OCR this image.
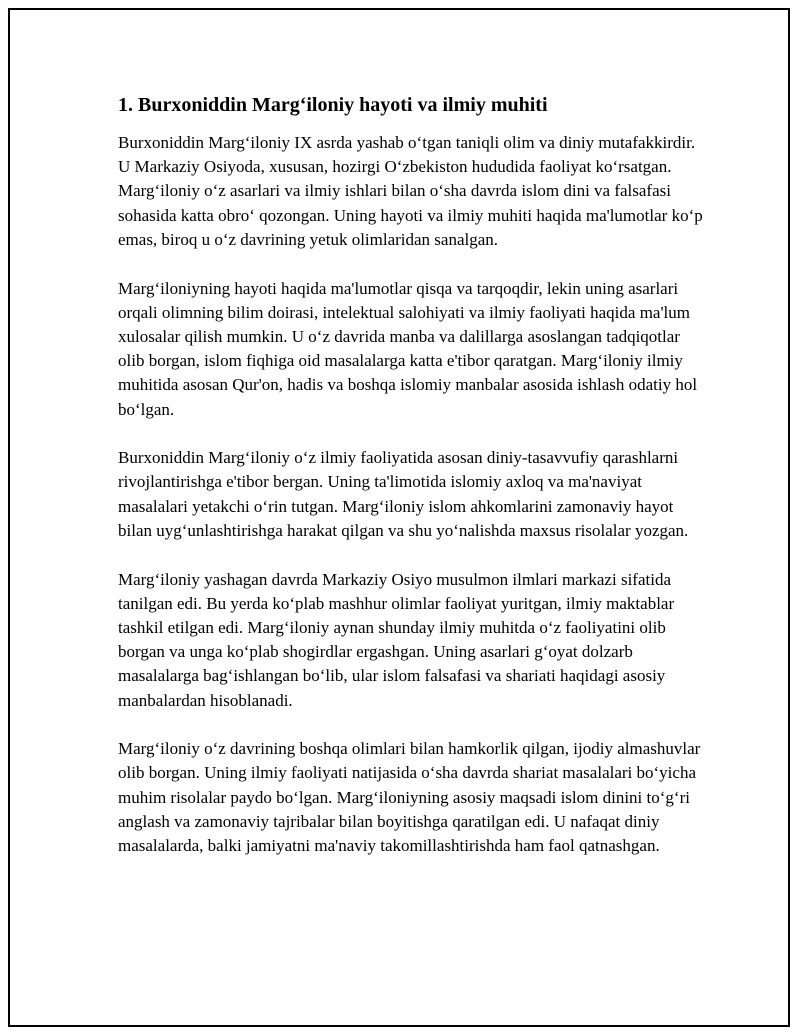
1. Burxoniddin Marg‘iloniy hayoti va ilmiy muhiti

Burxoniddin Marg‘iloniy IX asrda yashab o‘tgan taniqli olim va diniy mutafakkirdir. U Markaziy Osiyoda, xususan, hozirgi O‘zbekiston hududida faoliyat ko‘rsatgan. Marg‘iloniy o‘z asarlari va ilmiy ishlari bilan o‘sha davrda islom dini va falsafasi sohasida katta obro‘ qozongan. Uning hayoti va ilmiy muhiti haqida ma'lumotlar ko‘p emas, biroq u o‘z davrining yetuk olimlaridan sanalgan.

Marg‘iloniyning hayoti haqida ma'lumotlar qisqa va tarqoqdir, lekin uning asarlari orqali olimning bilim doirasi, intelektual salohiyati va ilmiy faoliyati haqida ma'lum xulosalar qilish mumkin. U o‘z davrida manba va dalillarga asoslangan tadqiqotlar olib borgan, islom fiqhiga oid masalalarga katta e'tibor qaratgan. Marg‘iloniy ilmiy muhitida asosan Qur'on, hadis va boshqa islomiy manbalar asosida ishlash odatiy hol bo‘lgan.

Burxoniddin Marg‘iloniy o‘z ilmiy faoliyatida asosan diniy-tasavvufiy qarashlarni rivojlantirishga e'tibor bergan. Uning ta'limotida islomiy axloq va ma'naviyat masalalari yetakchi o‘rin tutgan. Marg‘iloniy islom ahkomlarini zamonaviy hayot bilan uyg‘unlashtirishga harakat qilgan va shu yo‘nalishda maxsus risolalar yozgan.

Marg‘iloniy yashagan davrda Markaziy Osiyo musulmon ilmlari markazi sifatida tanilgan edi. Bu yerda ko‘plab mashhur olimlar faoliyat yuritgan, ilmiy maktablar tashkil etilgan edi. Marg‘iloniy aynan shunday ilmiy muhitda o‘z faoliyatini olib borgan va unga ko‘plab shogirdlar ergashgan. Uning asarlari g‘oyat dolzarb masalalarga bag‘ishlangan bo‘lib, ular islom falsafasi va shariati haqidagi asosiy manbalardan hisoblanadi.

Marg‘iloniy o‘z davrining boshqa olimlari bilan hamkorlik qilgan, ijodiy almashuvlar olib borgan. Uning ilmiy faoliyati natijasida o‘sha davrda shariat masalalari bo‘yicha muhim risolalar paydo bo‘lgan. Marg‘iloniyning asosiy maqsadi islom dinini to‘g‘ri anglash va zamonaviy tajribalar bilan boyitishga qaratilgan edi. U nafaqat diniy masalalarda, balki jamiyatni ma'naviy takomillashtirishda ham faol qatnashgan.
